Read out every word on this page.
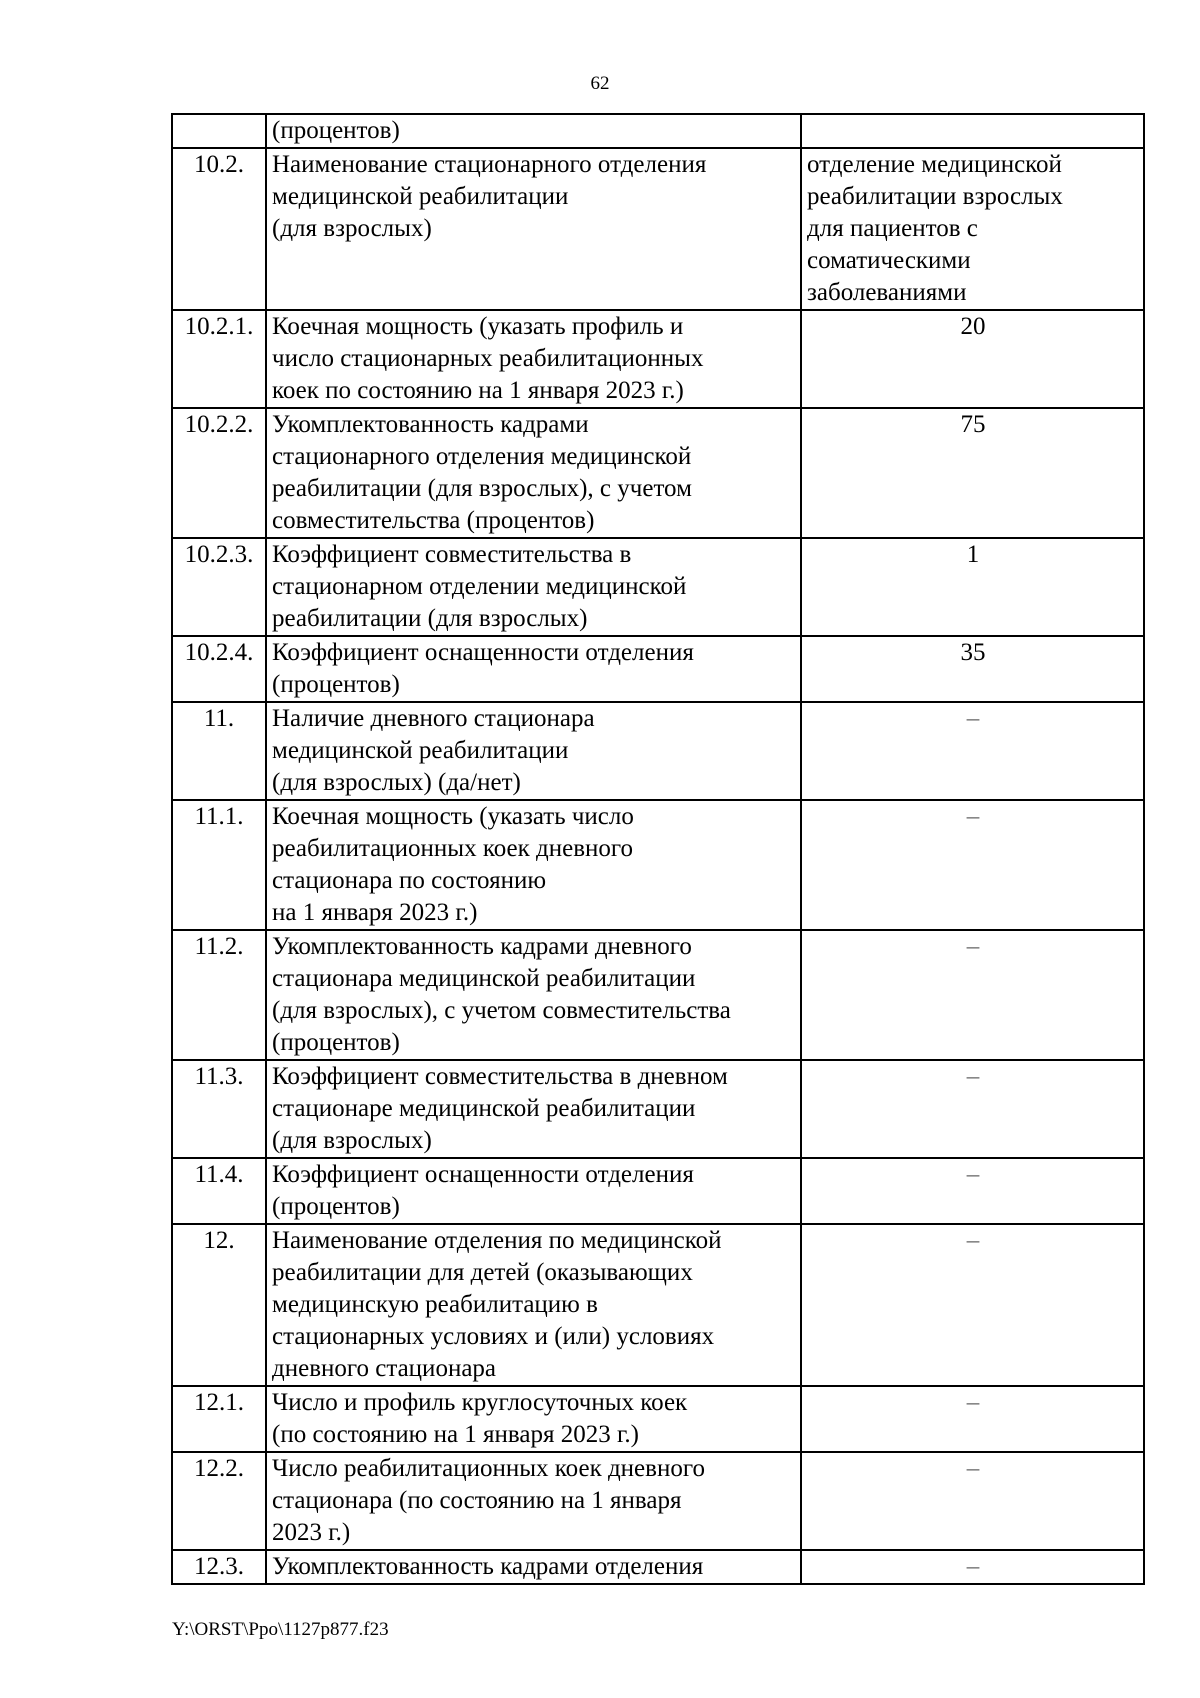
62

	(процентов)	

10.2.	Наименование стационарного отделения
медицинской реабилитации
(для взрослых)	отделение медицинской
реабилитации взрослых
для пациентов с
соматическими
заболеваниями

10.2.1.	Коечная мощность (указать профиль и
число стационарных реабилитационных
коек по состоянию на 1 января 2023 г.)	20

10.2.2.	Укомплектованность кадрами
стационарного отделения медицинской
реабилитации (для взрослых), с учетом
совместительства (процентов)	75

10.2.3.	Коэффициент совместительства в
стационарном отделении медицинской
реабилитации (для взрослых)	1

10.2.4.	Коэффициент оснащенности отделения
(процентов)	35

11.	Наличие дневного стационара
медицинской реабилитации
(для взрослых) (да/нет)	–

11.1.	Коечная мощность (указать число
реабилитационных коек дневного
стационара по состоянию
на 1 января 2023 г.)	–

11.2.	Укомплектованность кадрами дневного
стационара медицинской реабилитации
(для взрослых), с учетом совместительства
(процентов)	–

11.3.	Коэффициент совместительства в дневном
стационаре медицинской реабилитации
(для взрослых)	–

11.4.	Коэффициент оснащенности отделения
(процентов)	–

12.	Наименование отделения по медицинской
реабилитации для детей (оказывающих
медицинскую реабилитацию в
стационарных условиях и (или) условиях
дневного стационара	–

12.1.	Число и профиль круглосуточных коек
(по состоянию на 1 января 2023 г.)	–

12.2.	Число реабилитационных коек дневного
стационара (по состоянию на 1 января
2023 г.)	–

12.3.	Укомплектованность кадрами отделения	–
Y:\ORST\Ppo\1127p877.f23
